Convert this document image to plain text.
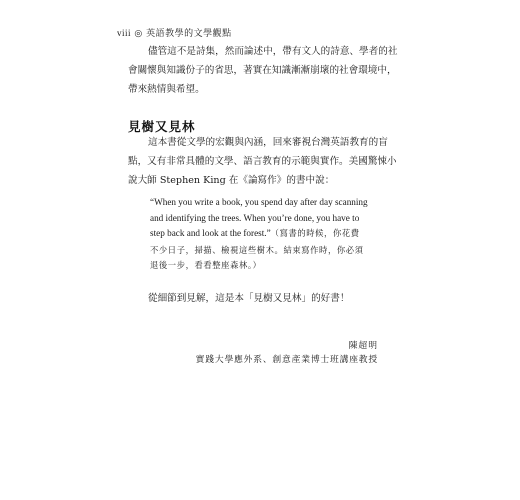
viii ◎ 英語教學的文學觀點
儘管這不是詩集，然而論述中，帶有文人的詩意、學者的社
會關懷與知識份子的省思，著實在知識漸漸崩壞的社會環境中，
帶來熱情與希望。
見樹又見林
這本書從文學的宏觀與內涵，回來審視台灣英語教育的盲
點，又有非常具體的文學、語言教育的示範與實作。美國驚悚小
說大師 Stephen King 在《論寫作》的書中說：
“When you write a book, you spend day after day scanning
and identifying the trees. When you’re done, you have to
step back and look at the forest.”（寫書的時候，你花費
不少日子，掃描、檢視這些樹木。結束寫作時，你必須
退後一步，看看整座森林。）
從細節到見解，這是本「見樹又見林」的好書！
陳超明
實踐大學應外系、創意產業博士班講座教授
